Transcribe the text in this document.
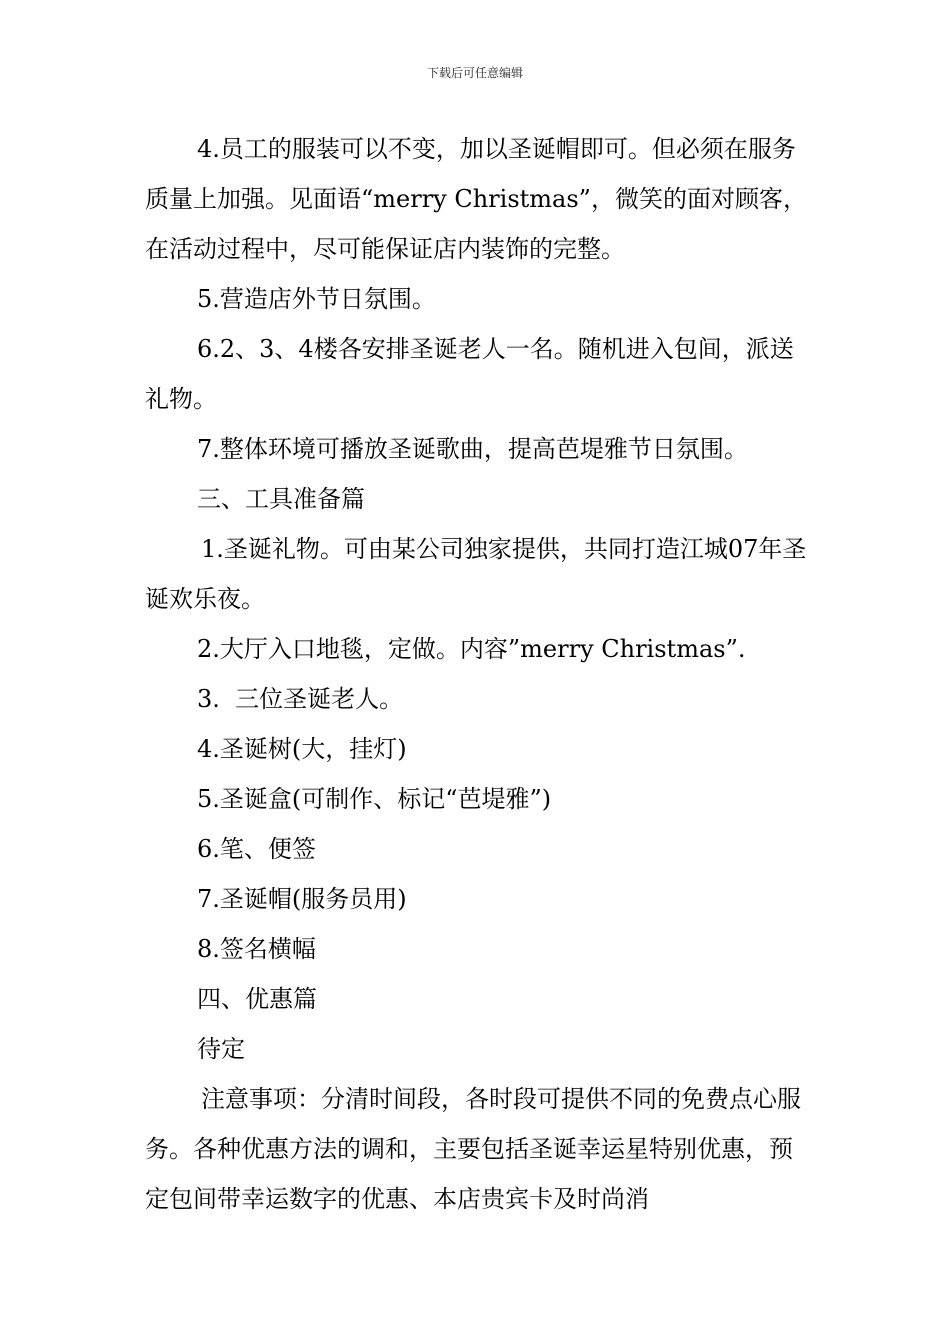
下载后可任意编辑

4.员工的服装可以不变，加以圣诞帽即可。但必须在服务质量上加强。见面语“merry Christmas”，微笑的面对顾客，在活动过程中，尽可能保证店内装饰的完整。

5.营造店外节日氛围。

6.2、3、4楼各安排圣诞老人一名。随机进入包间，派送礼物。

7.整体环境可播放圣诞歌曲，提高芭堤雅节日氛围。

三、工具准备篇

1.圣诞礼物。可由某公司独家提供，共同打造江城07年圣诞欢乐夜。

2.大厅入口地毯，定做。内容”merry Christmas”.

3.  三位圣诞老人。

4.圣诞树(大，挂灯)

5.圣诞盒(可制作、标记“芭堤雅”)

6.笔、便签

7.圣诞帽(服务员用)

8.签名横幅

四、优惠篇

待定

注意事项：分清时间段，各时段可提供不同的免费点心服务。各种优惠方法的调和，主要包括圣诞幸运星特别优惠，预定包间带幸运数字的优惠、本店贵宾卡及时尚消
